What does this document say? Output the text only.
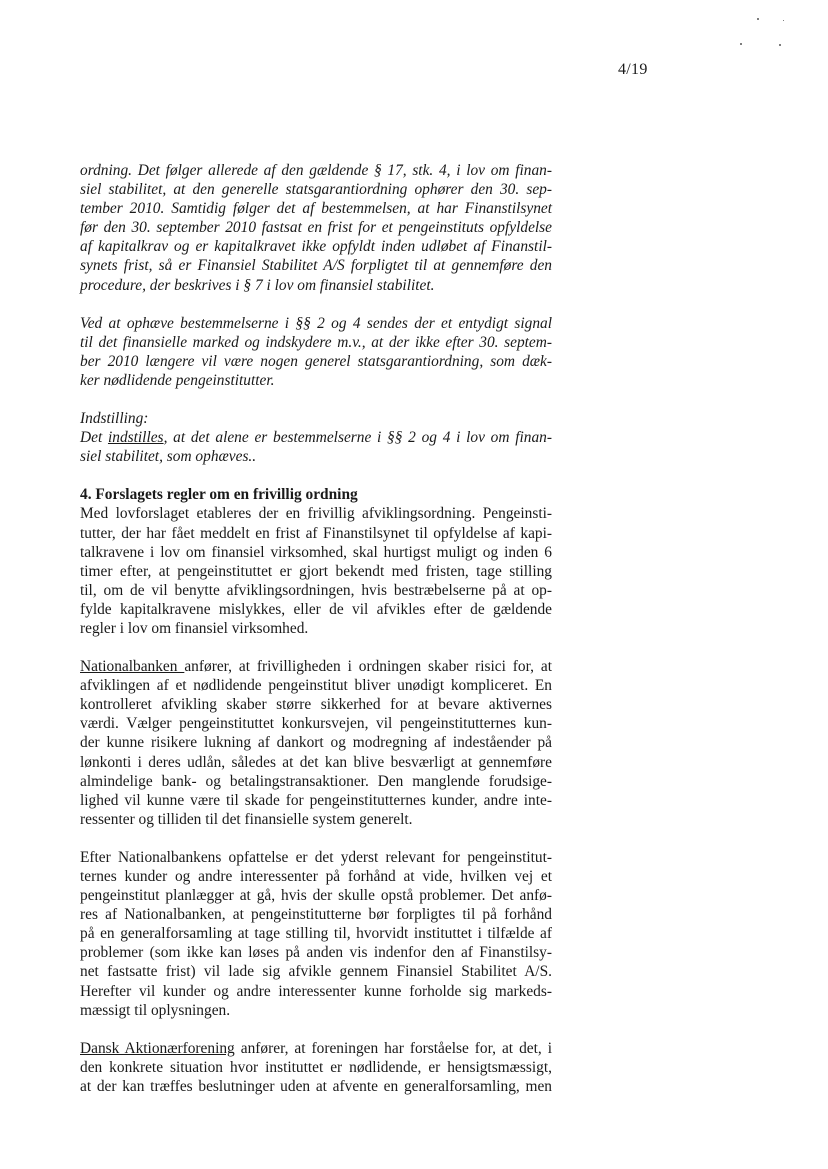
4/19
ordning. Det følger allerede af den gældende § 17, stk. 4, i lov om finan-
siel stabilitet, at den generelle statsgarantiordning ophører den 30. sep-
tember 2010. Samtidig følger det af bestemmelsen, at har Finanstilsynet
før den 30. september 2010 fastsat en frist for et pengeinstituts opfyldelse
af kapitalkrav og er kapitalkravet ikke opfyldt inden udløbet af Finanstil-
synets frist, så er Finansiel Stabilitet A/S forpligtet til at gennemføre den
procedure, der beskrives i § 7 i lov om finansiel stabilitet.
Ved at ophæve bestemmelserne i §§ 2 og 4 sendes der et entydigt signal
til det finansielle marked og indskydere m.v., at der ikke efter 30. septem-
ber 2010 længere vil være nogen generel statsgarantiordning, som dæk-
ker nødlidende pengeinstitutter.
Indstilling:
Det indstilles, at det alene er bestemmelserne i §§ 2 og 4 i lov om finan-
siel stabilitet, som ophæves..
4. Forslagets regler om en frivillig ordning
Med lovforslaget etableres der en frivillig afviklingsordning. Pengeinsti-
tutter, der har fået meddelt en frist af Finanstilsynet til opfyldelse af kapi-
talkravene i lov om finansiel virksomhed, skal hurtigst muligt og inden 6
timer efter, at pengeinstituttet er gjort bekendt med fristen, tage stilling
til, om de vil benytte afviklingsordningen, hvis bestræbelserne på at op-
fylde kapitalkravene mislykkes, eller de vil afvikles efter de gældende
regler i lov om finansiel virksomhed.
Nationalbanken anfører, at frivilligheden i ordningen skaber risici for, at
afviklingen af et nødlidende pengeinstitut bliver unødigt kompliceret. En
kontrolleret afvikling skaber større sikkerhed for at bevare aktivernes
værdi. Vælger pengeinstituttet konkursvejen, vil pengeinstitutternes kun-
der kunne risikere lukning af dankort og modregning af indeståender på
lønkonti i deres udlån, således at det kan blive besværligt at gennemføre
almindelige bank- og betalingstransaktioner. Den manglende forudsige-
lighed vil kunne være til skade for pengeinstitutternes kunder, andre inte-
ressenter og tilliden til det finansielle system generelt.
Efter Nationalbankens opfattelse er det yderst relevant for pengeinstitut-
ternes kunder og andre interessenter på forhånd at vide, hvilken vej et
pengeinstitut planlægger at gå, hvis der skulle opstå problemer. Det anfø-
res af Nationalbanken, at pengeinstitutterne bør forpligtes til på forhånd
på en generalforsamling at tage stilling til, hvorvidt instituttet i tilfælde af
problemer (som ikke kan løses på anden vis indenfor den af Finanstilsy-
net fastsatte frist) vil lade sig afvikle gennem Finansiel Stabilitet A/S.
Herefter vil kunder og andre interessenter kunne forholde sig markeds-
mæssigt til oplysningen.
Dansk Aktionærforening anfører, at foreningen har forståelse for, at det, i
den konkrete situation hvor instituttet er nødlidende, er hensigtsmæssigt,
at der kan træffes beslutninger uden at afvente en generalforsamling, men
